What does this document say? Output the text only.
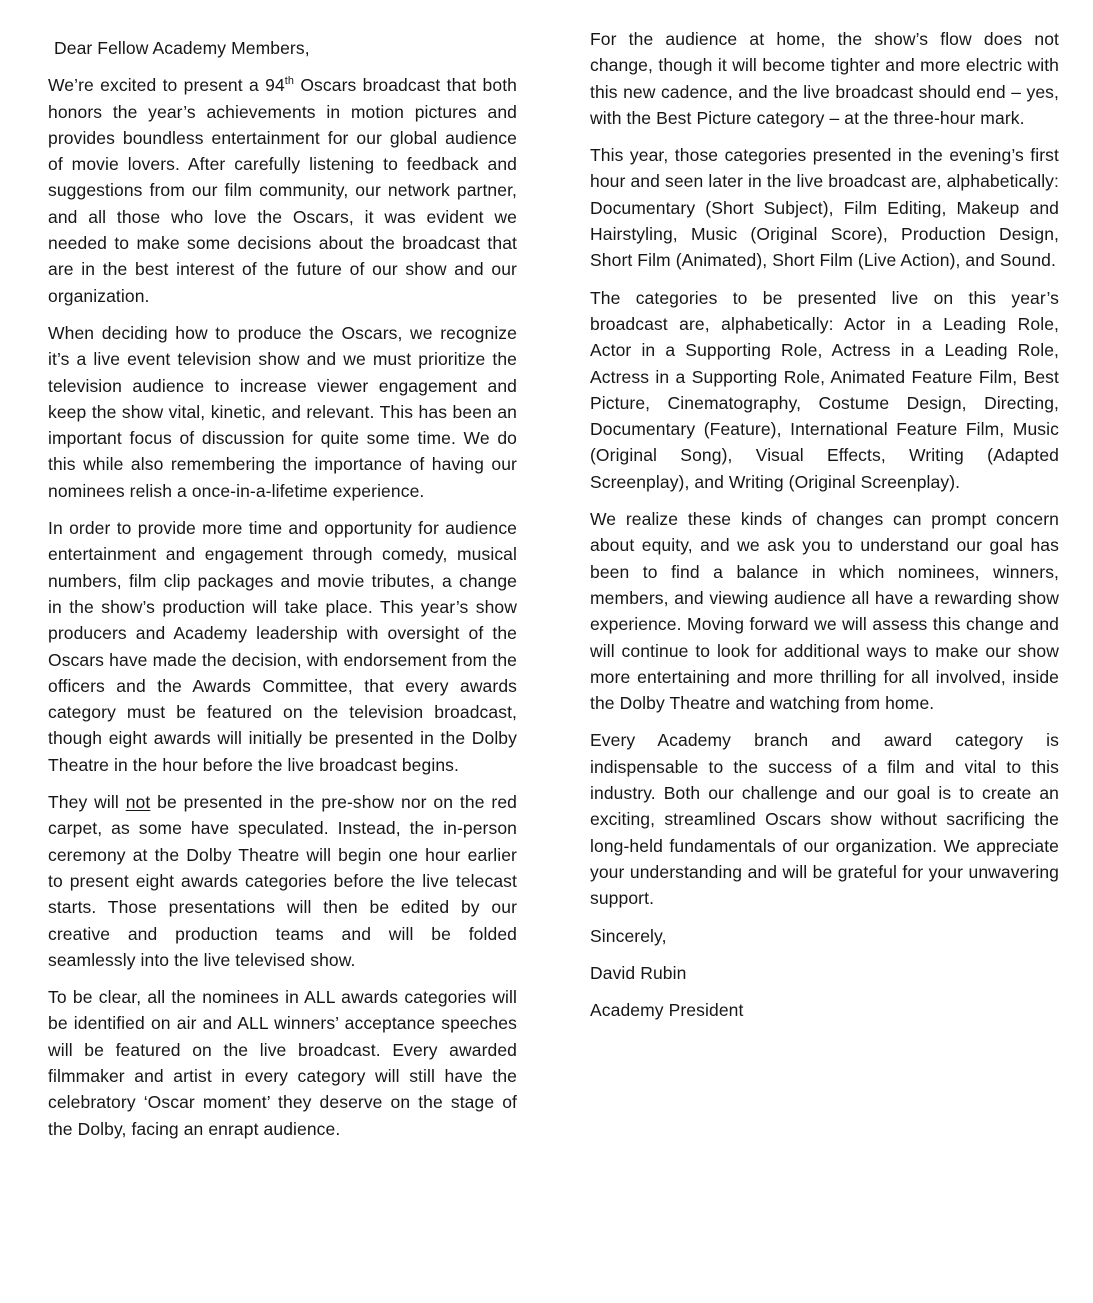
Dear Fellow Academy Members,

We’re excited to present a 94th Oscars broadcast that both honors the year’s achievements in motion pictures and provides boundless entertainment for our global audience of movie lovers. After carefully listening to feedback and suggestions from our film community, our network partner, and all those who love the Oscars, it was evident we needed to make some decisions about the broadcast that are in the best interest of the future of our show and our organization.

When deciding how to produce the Oscars, we recognize it’s a live event television show and we must prioritize the television audience to increase viewer engagement and keep the show vital, kinetic, and relevant. This has been an important focus of discussion for quite some time. We do this while also remembering the importance of having our nominees relish a once-in-a-lifetime experience.

In order to provide more time and opportunity for audience entertainment and engagement through comedy, musical numbers, film clip packages and movie tributes, a change in the show’s production will take place. This year’s show producers and Academy leadership with oversight of the Oscars have made the decision, with endorsement from the officers and the Awards Committee, that every awards category must be featured on the television broadcast, though eight awards will initially be presented in the Dolby Theatre in the hour before the live broadcast begins.

They will not be presented in the pre-show nor on the red carpet, as some have speculated. Instead, the in-person ceremony at the Dolby Theatre will begin one hour earlier to present eight awards categories before the live telecast starts. Those presentations will then be edited by our creative and production teams and will be folded seamlessly into the live televised show.

To be clear, all the nominees in ALL awards categories will be identified on air and ALL winners’ acceptance speeches will be featured on the live broadcast. Every awarded filmmaker and artist in every category will still have the celebratory ‘Oscar moment’ they deserve on the stage of the Dolby, facing an enrapt audience.

For the audience at home, the show’s flow does not change, though it will become tighter and more electric with this new cadence, and the live broadcast should end – yes, with the Best Picture category – at the three-hour mark.

This year, those categories presented in the evening’s first hour and seen later in the live broadcast are, alphabetically: Documentary (Short Subject), Film Editing, Makeup and Hairstyling, Music (Original Score), Production Design, Short Film (Animated), Short Film (Live Action), and Sound.

The categories to be presented live on this year’s broadcast are, alphabetically: Actor in a Leading Role, Actor in a Supporting Role, Actress in a Leading Role, Actress in a Supporting Role, Animated Feature Film, Best Picture, Cinematography, Costume Design, Directing, Documentary (Feature), International Feature Film, Music (Original Song), Visual Effects, Writing (Adapted Screenplay), and Writing (Original Screenplay).

We realize these kinds of changes can prompt concern about equity, and we ask you to understand our goal has been to find a balance in which nominees, winners, members, and viewing audience all have a rewarding show experience. Moving forward we will assess this change and will continue to look for additional ways to make our show more entertaining and more thrilling for all involved, inside the Dolby Theatre and watching from home.

Every Academy branch and award category is indispensable to the success of a film and vital to this industry. Both our challenge and our goal is to create an exciting, streamlined Oscars show without sacrificing the long-held fundamentals of our organization. We appreciate your understanding and will be grateful for your unwavering support.

Sincerely,

David Rubin

Academy President
